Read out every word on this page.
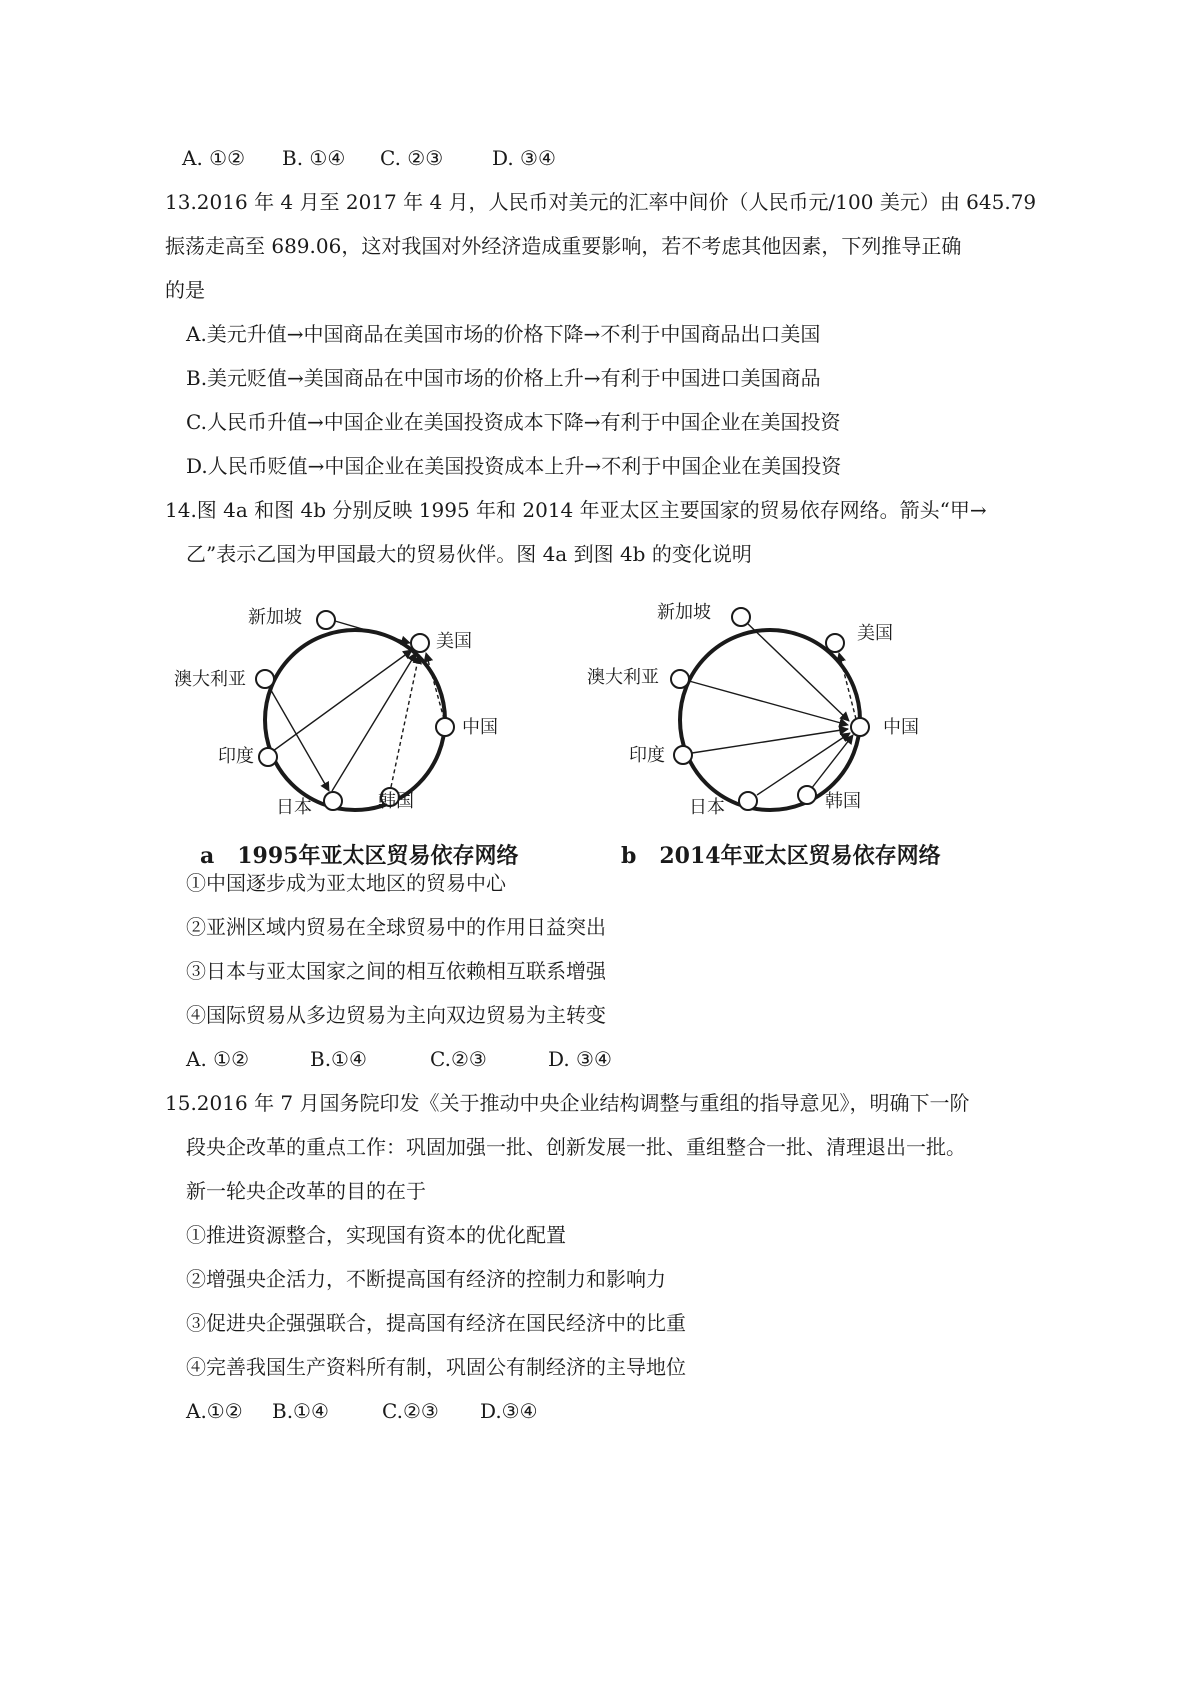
A. ①② B. ①④ C. ②③ D. ③④
13.2016 年 4 月至 2017 年 4 月，人民币对美元的汇率中间价（人民币元/100 美元）由 645.79
振荡走高至 689.06，这对我国对外经济造成重要影响，若不考虑其他因素，下列推导正确
的是
A.美元升值→中国商品在美国市场的价格下降→不利于中国商品出口美国
B.美元贬值→美国商品在中国市场的价格上升→有利于中国进口美国商品
C.人民币升值→中国企业在美国投资成本下降→有利于中国企业在美国投资
D.人民币贬值→中国企业在美国投资成本上升→不利于中国企业在美国投资
14.图 4a 和图 4b 分别反映 1995 年和 2014 年亚太区主要国家的贸易依存网络。箭头“甲→
乙”表示乙国为甲国最大的贸易伙伴。图 4a 到图 4b 的变化说明
新加坡
美国
澳大利亚
中国
印度
日本	韩国
a   1995年亚太区贸易依存网络
新加坡
美国
澳大利亚
中国
印度
日本	韩国
b   2014年亚太区贸易依存网络
①中国逐步成为亚太地区的贸易中心
②亚洲区域内贸易在全球贸易中的作用日益突出
③日本与亚太国家之间的相互依赖相互联系增强
④国际贸易从多边贸易为主向双边贸易为主转变
A. ①②	B.①④	C.②③	D. ③④
15.2016 年 7 月国务院印发《关于推动中央企业结构调整与重组的指导意见》，明确下一阶
段央企改革的重点工作：巩固加强一批、创新发展一批、重组整合一批、清理退出一批。
新一轮央企改革的目的在于
①推进资源整合，实现国有资本的优化配置
②增强央企活力，不断提高国有经济的控制力和影响力
③促进央企强强联合，提高国有经济在国民经济中的比重
④完善我国生产资料所有制，巩固公有制经济的主导地位
A.①② B.①④	C.②③ D.③④
